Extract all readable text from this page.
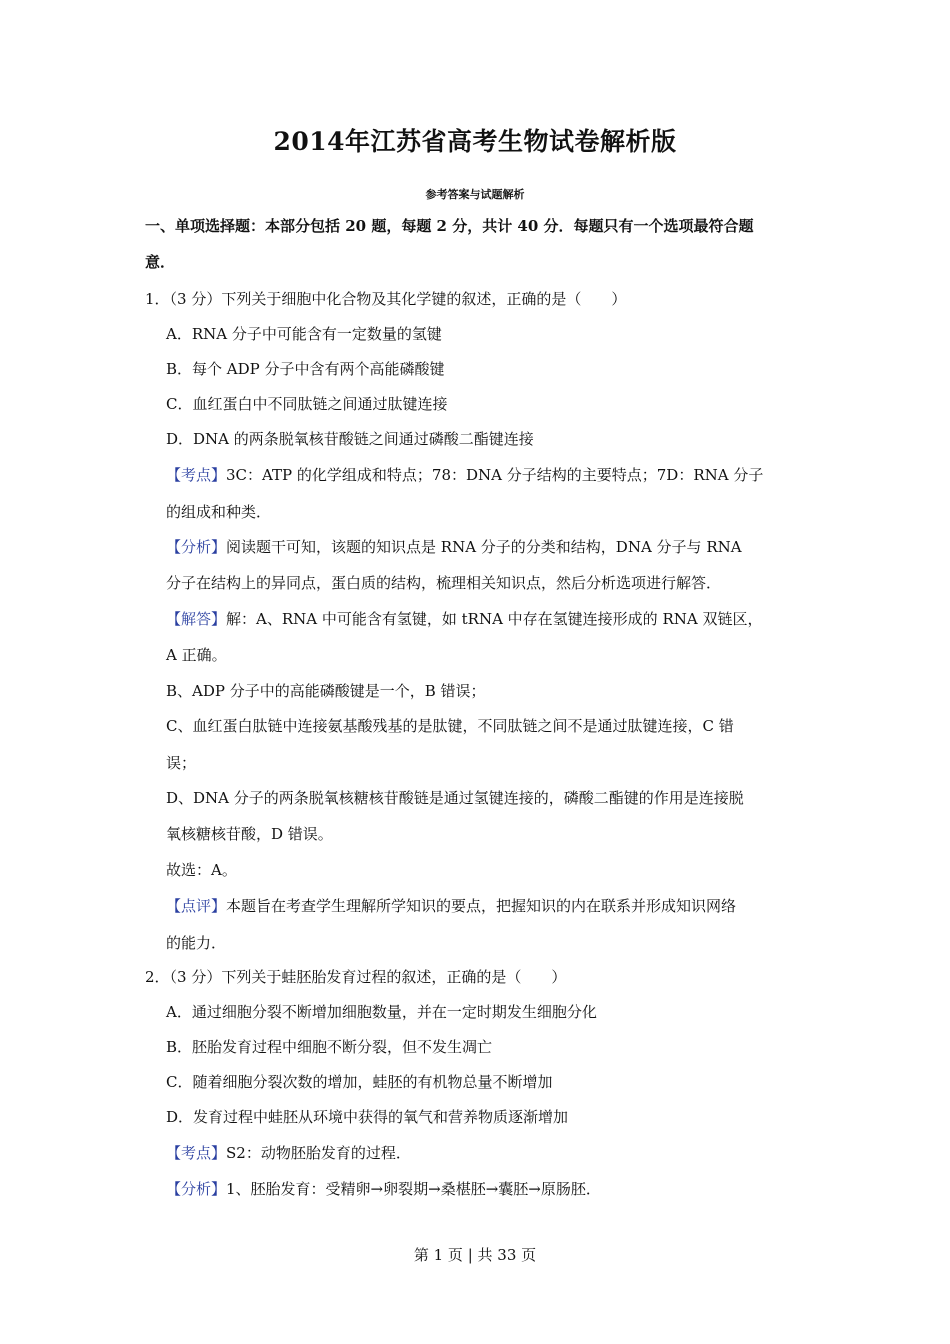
2014年江苏省高考生物试卷解析版
参考答案与试题解析
一、单项选择题：本部分包括 20 题，每题 2 分，共计 40 分．每题只有一个选项最符合题
意．
1．（3 分）下列关于细胞中化合物及其化学键的叙述，正确的是（　　）
A．RNA 分子中可能含有一定数量的氢键
B．每个 ADP 分子中含有两个高能磷酸键
C．血红蛋白中不同肽链之间通过肽键连接
D．DNA 的两条脱氧核苷酸链之间通过磷酸二酯键连接
【考点】3C：ATP 的化学组成和特点；78：DNA 分子结构的主要特点；7D：RNA 分子
的组成和种类．
【分析】阅读题干可知，该题的知识点是 RNA 分子的分类和结构，DNA 分子与 RNA
分子在结构上的异同点，蛋白质的结构，梳理相关知识点，然后分析选项进行解答．
【解答】解：A、RNA 中可能含有氢键，如 tRNA 中存在氢键连接形成的 RNA 双链区，
A 正确。
B、ADP 分子中的高能磷酸键是一个，B 错误；
C、血红蛋白肽链中连接氨基酸残基的是肽键，不同肽链之间不是通过肽键连接，C 错
误；
D、DNA 分子的两条脱氧核糖核苷酸链是通过氢键连接的，磷酸二酯键的作用是连接脱
氧核糖核苷酸，D 错误。
故选：A。
【点评】本题旨在考查学生理解所学知识的要点，把握知识的内在联系并形成知识网络
的能力．
2．（3 分）下列关于蛙胚胎发育过程的叙述，正确的是（　　）
A．通过细胞分裂不断增加细胞数量，并在一定时期发生细胞分化
B．胚胎发育过程中细胞不断分裂，但不发生凋亡
C．随着细胞分裂次数的增加，蛙胚的有机物总量不断增加
D．发育过程中蛙胚从环境中获得的氧气和营养物质逐渐增加
【考点】S2：动物胚胎发育的过程．
【分析】1、胚胎发育：受精卵→卵裂期→桑椹胚→囊胚→原肠胚．
第 1 页 | 共 33 页
